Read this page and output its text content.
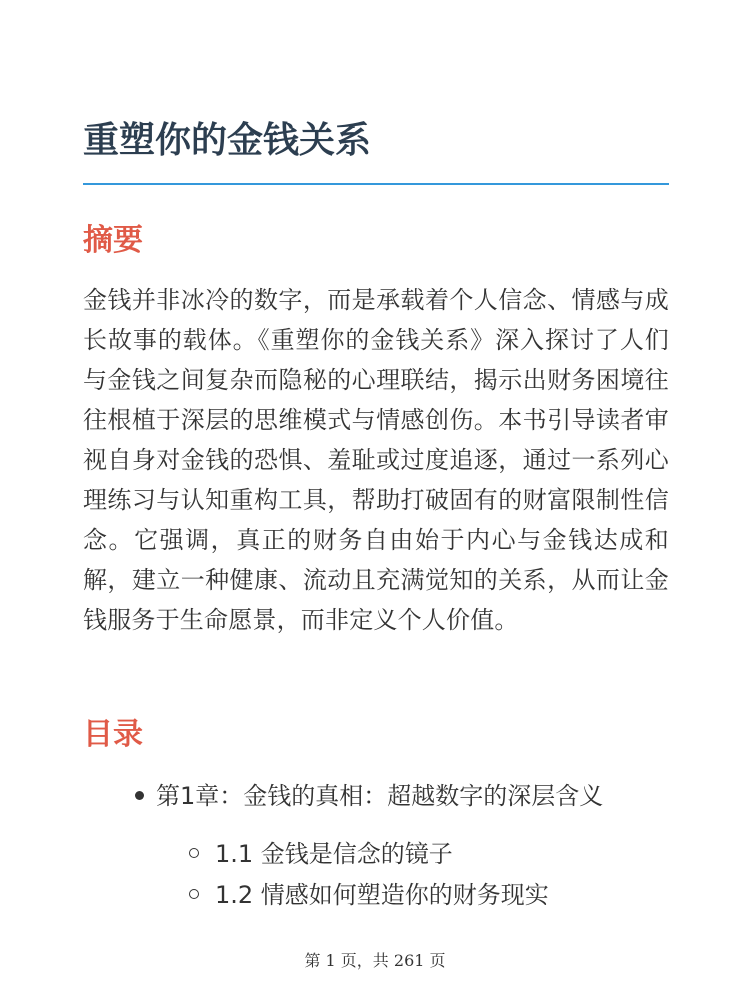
重塑你的金钱关系
摘要

金钱并非冰冷的数字，而是承载着个人信念、情感与成长故事的载体。《重塑你的金钱关系》深入探讨了人们与金钱之间复杂而隐秘的心理联结，揭示出财务困境往往根植于深层的思维模式与情感创伤。本书引导读者审视自身对金钱的恐惧、羞耻或过度追逐，通过一系列心理练习与认知重构工具，帮助打破固有的财富限制性信念。它强调，真正的财务自由始于内心与金钱达成和解，建立一种健康、流动且充满觉知的关系，从而让金钱服务于生命愿景，而非定义个人价值。

目录
第1章：金钱的真相：超越数字的深层含义
1.1 金钱是信念的镜子
1.2 情感如何塑造你的财务现实
第 1 页，共 261 页
